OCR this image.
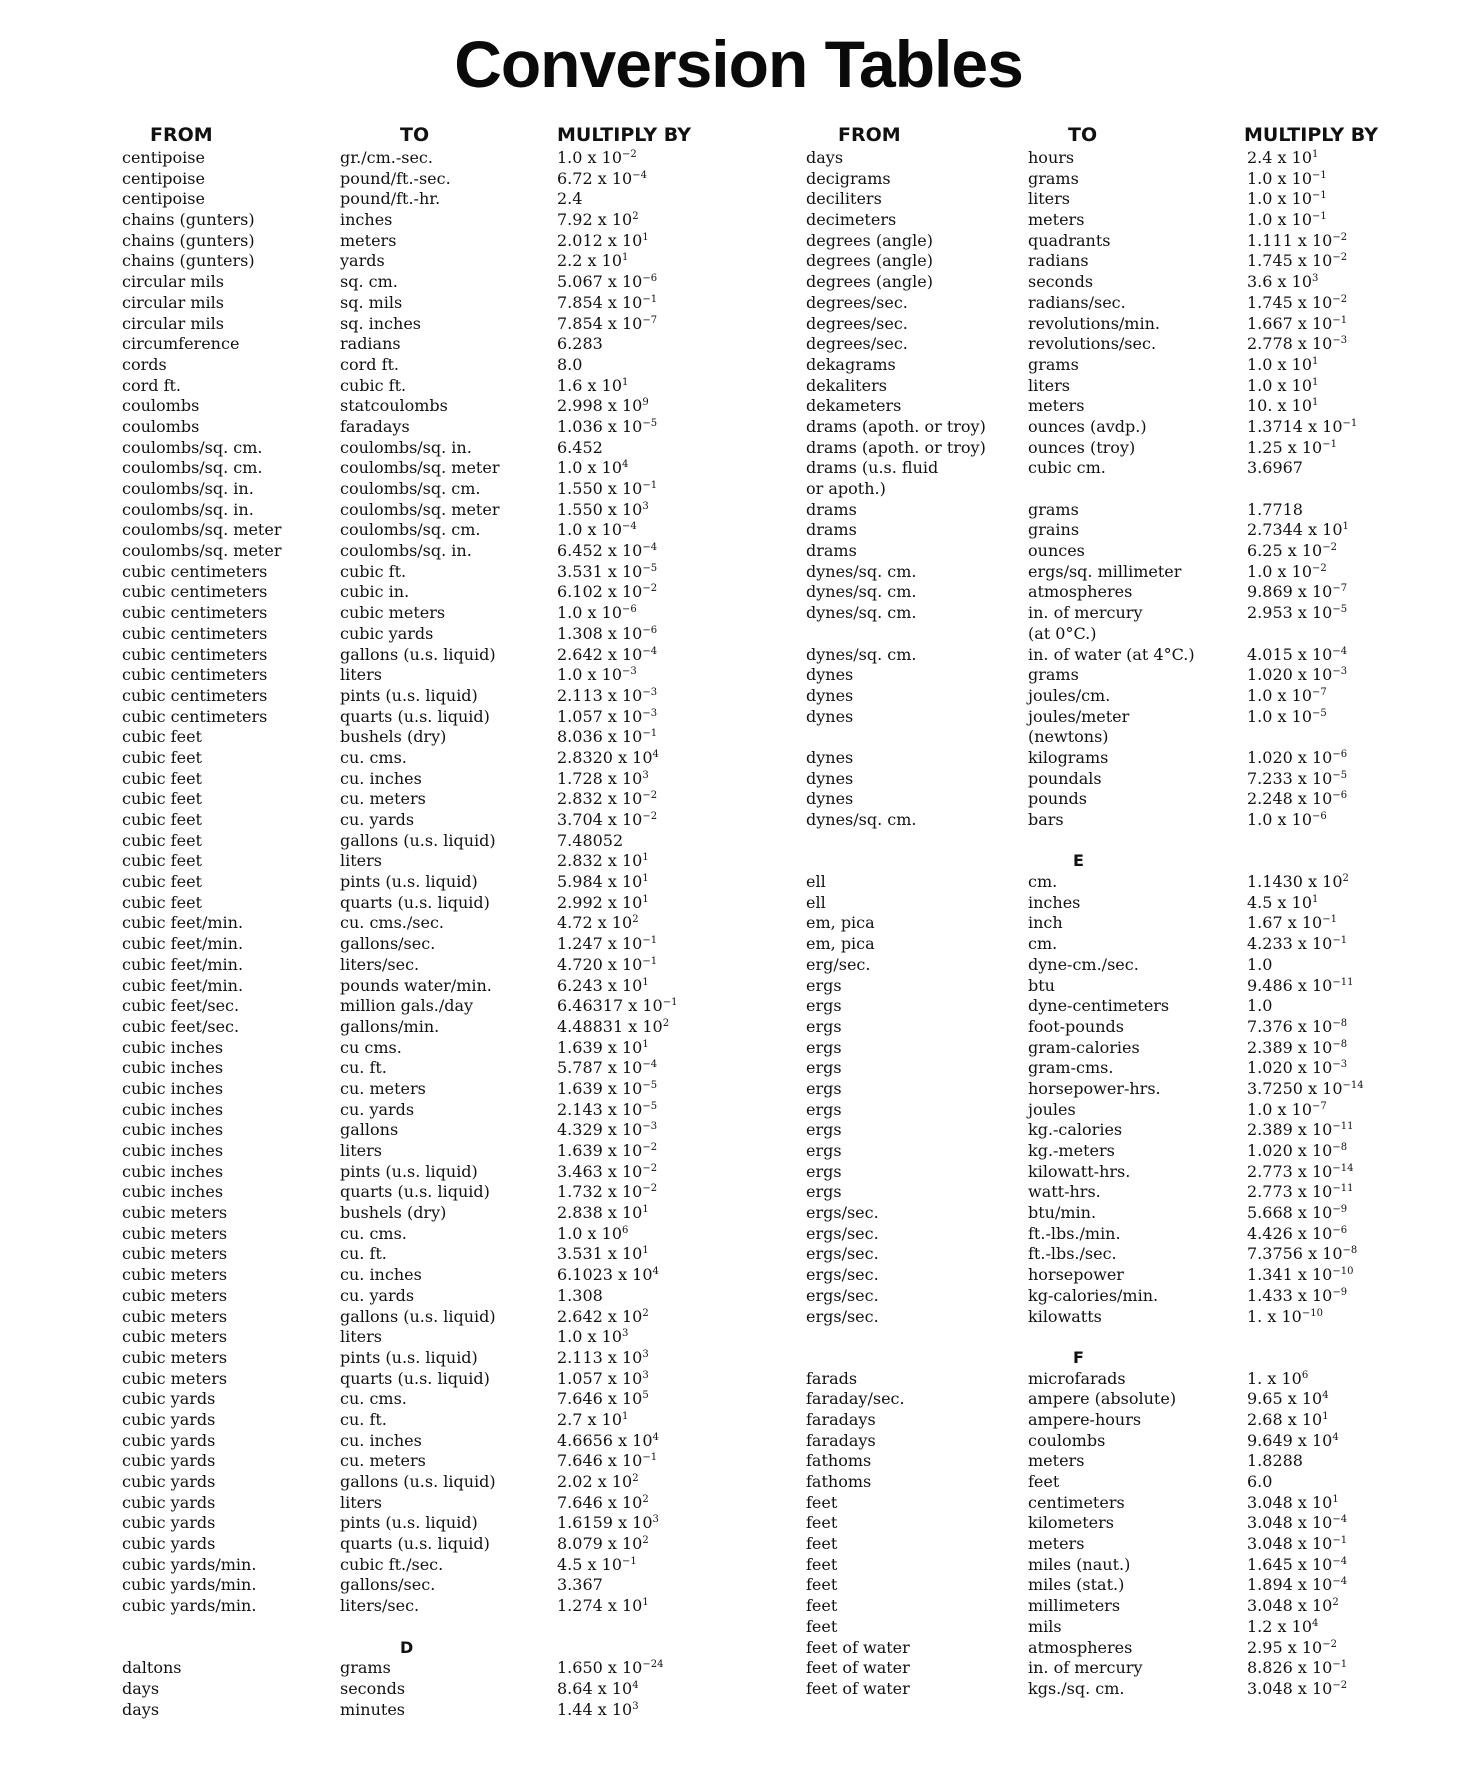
Conversion Tables
FROM	TO	MULTIPLY BY
centipoise	gr./cm.-sec.	1.0 x $10^{-2}$
centipoise	pound/ft.-sec.	6.72 x $10^{-4}$
centipoise	pound/ft.-hr.	2.4
chains (gunters)	inches	7.92 x $10^2$
chains (gunters)	meters	2.012 x $10^1$
chains (gunters)	yards	2.2 x $10^1$
circular mils	sq. cm.	5.067 x $10^{-6}$
circular mils	sq. mils	7.854 x $10^{-1}$
circular mils	sq. inches	7.854 x $10^{-7}$
circumference	radians	6.283
cords	cord ft.	8.0
cord ft.	cubic ft.	1.6 x $10^1$
coulombs	statcoulombs	2.998 x $10^9$
coulombs	faradays	1.036 x $10^{-5}$
coulombs/sq. cm.	coulombs/sq. in.	6.452
coulombs/sq. cm.	coulombs/sq. meter	1.0 x $10^4$
coulombs/sq. in.	coulombs/sq. cm.	1.550 x $10^{-1}$
coulombs/sq. in.	coulombs/sq. meter	1.550 x $10^3$
coulombs/sq. meter	coulombs/sq. cm.	1.0 x $10^{-4}$
coulombs/sq. meter	coulombs/sq. in.	6.452 x $10^{-4}$
cubic centimeters	cubic ft.	3.531 x $10^{-5}$
cubic centimeters	cubic in.	6.102 x $10^{-2}$
cubic centimeters	cubic meters	1.0 x $10^{-6}$
cubic centimeters	cubic yards	1.308 x $10^{-6}$
cubic centimeters	gallons (u.s. liquid)	2.642 x $10^{-4}$
cubic centimeters	liters	1.0 x $10^{-3}$
cubic centimeters	pints (u.s. liquid)	2.113 x $10^{-3}$
cubic centimeters	quarts (u.s. liquid)	1.057 x $10^{-3}$
cubic feet	bushels (dry)	8.036 x $10^{-1}$
cubic feet	cu. cms.	2.8320 x $10^4$
cubic feet	cu. inches	1.728 x $10^3$
cubic feet	cu. meters	2.832 x $10^{-2}$
cubic feet	cu. yards	3.704 x $10^{-2}$
cubic feet	gallons (u.s. liquid)	7.48052
cubic feet	liters	2.832 x $10^1$
cubic feet	pints (u.s. liquid)	5.984 x $10^1$
cubic feet	quarts (u.s. liquid)	2.992 x $10^1$
cubic feet/min.	cu. cms./sec.	4.72 x $10^2$
cubic feet/min.	gallons/sec.	1.247 x $10^{-1}$
cubic feet/min.	liters/sec.	4.720 x $10^{-1}$
cubic feet/min.	pounds water/min.	6.243 x $10^1$
cubic feet/sec.	million gals./day	6.46317 x $10^{-1}$
cubic feet/sec.	gallons/min.	4.48831 x $10^2$
cubic inches	cu cms.	1.639 x $10^1$
cubic inches	cu. ft.	5.787 x $10^{-4}$
cubic inches	cu. meters	1.639 x $10^{-5}$
cubic inches	cu. yards	2.143 x $10^{-5}$
cubic inches	gallons	4.329 x $10^{-3}$
cubic inches	liters	1.639 x $10^{-2}$
cubic inches	pints (u.s. liquid)	3.463 x $10^{-2}$
cubic inches	quarts (u.s. liquid)	1.732 x $10^{-2}$
cubic meters	bushels (dry)	2.838 x $10^1$
cubic meters	cu. cms.	1.0 x $10^6$
cubic meters	cu. ft.	3.531 x $10^1$
cubic meters	cu. inches	6.1023 x $10^4$
cubic meters	cu. yards	1.308
cubic meters	gallons (u.s. liquid)	2.642 x $10^2$
cubic meters	liters	1.0 x $10^3$
cubic meters	pints (u.s. liquid)	2.113 x $10^3$
cubic meters	quarts (u.s. liquid)	1.057 x $10^3$
cubic yards	cu. cms.	7.646 x $10^5$
cubic yards	cu. ft.	2.7 x $10^1$
cubic yards	cu. inches	4.6656 x $10^4$
cubic yards	cu. meters	7.646 x $10^{-1}$
cubic yards	gallons (u.s. liquid)	2.02 x $10^2$
cubic yards	liters	7.646 x $10^2$
cubic yards	pints (u.s. liquid)	1.6159 x $10^3$
cubic yards	quarts (u.s. liquid)	8.079 x $10^2$
cubic yards/min.	cubic ft./sec.	4.5 x $10^{-1}$
cubic yards/min.	gallons/sec.	3.367
cubic yards/min.	liters/sec.	1.274 x $10^1$
D
daltons	grams	1.650 x $10^{-24}$
days	seconds	8.64 x $10^4$
days	minutes	1.44 x $10^3$
FROM	TO	MULTIPLY BY
days	hours	2.4 x $10^1$
decigrams	grams	1.0 x $10^{-1}$
deciliters	liters	1.0 x $10^{-1}$
decimeters	meters	1.0 x $10^{-1}$
degrees (angle)	quadrants	1.111 x $10^{-2}$
degrees (angle)	radians	1.745 x $10^{-2}$
degrees (angle)	seconds	3.6 x $10^3$
degrees/sec.	radians/sec.	1.745 x $10^{-2}$
degrees/sec.	revolutions/min.	1.667 x $10^{-1}$
degrees/sec.	revolutions/sec.	2.778 x $10^{-3}$
dekagrams	grams	1.0 x $10^1$
dekaliters	liters	1.0 x $10^1$
dekameters	meters	10. x $10^1$
drams (apoth. or troy)	ounces (avdp.)	1.3714 x $10^{-1}$
drams (apoth. or troy)	ounces (troy)	1.25 x $10^{-1}$
drams (u.s. fluid	cubic cm.	3.6967
or apoth.)
drams	grams	1.7718
drams	grains	2.7344 x $10^1$
drams	ounces	6.25 x $10^{-2}$
dynes/sq. cm.	ergs/sq. millimeter	1.0 x $10^{-2}$
dynes/sq. cm.	atmospheres	9.869 x $10^{-7}$
dynes/sq. cm.	in. of mercury	2.953 x $10^{-5}$
(at 0°C.)
dynes/sq. cm.	in. of water (at 4°C.)	4.015 x $10^{-4}$
dynes	grams	1.020 x $10^{-3}$
dynes	joules/cm.	1.0 x $10^{-7}$
dynes	joules/meter	1.0 x $10^{-5}$
(newtons)
dynes	kilograms	1.020 x $10^{-6}$
dynes	poundals	7.233 x $10^{-5}$
dynes	pounds	2.248 x $10^{-6}$
dynes/sq. cm.	bars	1.0 x $10^{-6}$
E
ell	cm.	1.1430 x $10^2$
ell	inches	4.5 x $10^1$
em, pica	inch	1.67 x $10^{-1}$
em, pica	cm.	4.233 x $10^{-1}$
erg/sec.	dyne-cm./sec.	1.0
ergs	btu	9.486 x $10^{-11}$
ergs	dyne-centimeters	1.0
ergs	foot-pounds	7.376 x $10^{-8}$
ergs	gram-calories	2.389 x $10^{-8}$
ergs	gram-cms.	1.020 x $10^{-3}$
ergs	horsepower-hrs.	3.7250 x $10^{-14}$
ergs	joules	1.0 x $10^{-7}$
ergs	kg.-calories	2.389 x $10^{-11}$
ergs	kg.-meters	1.020 x $10^{-8}$
ergs	kilowatt-hrs.	2.773 x $10^{-14}$
ergs	watt-hrs.	2.773 x $10^{-11}$
ergs/sec.	btu/min.	5.668 x $10^{-9}$
ergs/sec.	ft.-lbs./min.	4.426 x $10^{-6}$
ergs/sec.	ft.-lbs./sec.	7.3756 x $10^{-8}$
ergs/sec.	horsepower	1.341 x $10^{-10}$
ergs/sec.	kg-calories/min.	1.433 x $10^{-9}$
ergs/sec.	kilowatts	1. x $10^{-10}$
F
farads	microfarads	1. x $10^6$
faraday/sec.	ampere (absolute)	9.65 x $10^4$
faradays	ampere-hours	2.68 x $10^1$
faradays	coulombs	9.649 x $10^4$
fathoms	meters	1.8288
fathoms	feet	6.0
feet	centimeters	3.048 x $10^1$
feet	kilometers	3.048 x $10^{-4}$
feet	meters	3.048 x $10^{-1}$
feet	miles (naut.)	1.645 x $10^{-4}$
feet	miles (stat.)	1.894 x $10^{-4}$
feet	millimeters	3.048 x $10^2$
feet	mils	1.2 x $10^4$
feet of water	atmospheres	2.95 x $10^{-2}$
feet of water	in. of mercury	8.826 x $10^{-1}$
feet of water	kgs./sq. cm.	3.048 x $10^{-2}$
